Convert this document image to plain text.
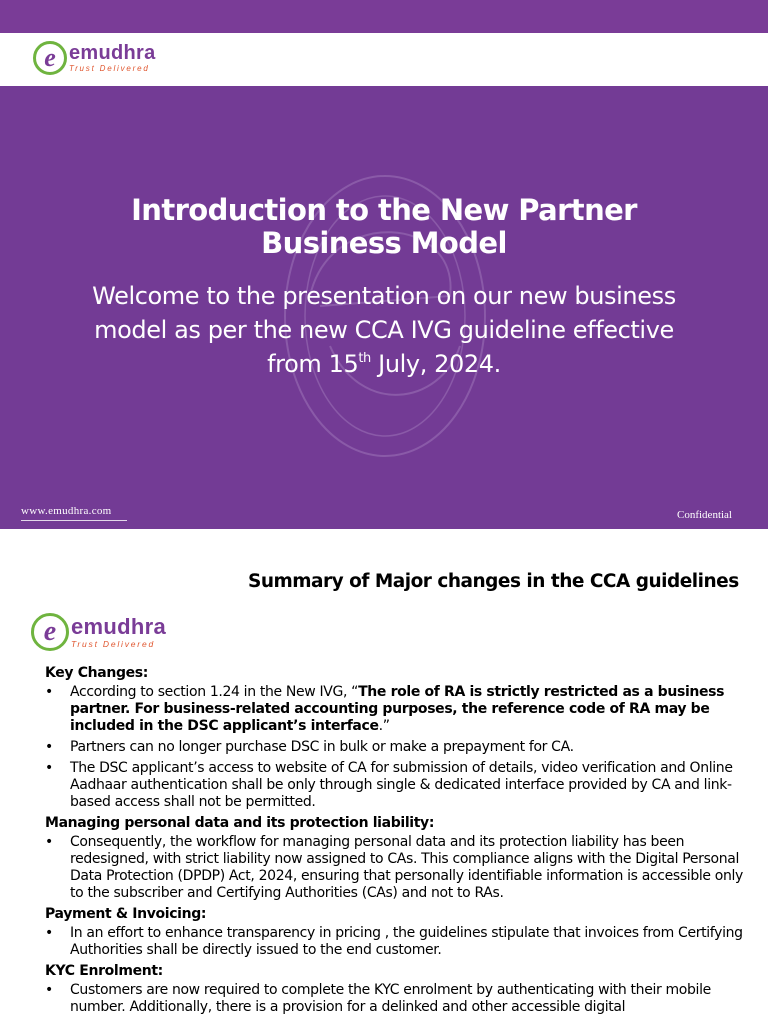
e emudhra
Trust Delivered
Introduction to the New Partner Business Model
Welcome to the presentation on our new business model as per the new CCA IVG guideline effective from 15th July, 2024.
www.emudhra.com	Confidential
Summary of Major changes in the CCA guidelines
e emudhra
Trust Delivered
Key Changes:
• According to section 1.24 in the New IVG, “The role of RA is strictly restricted as a business partner. For business-related accounting purposes, the reference code of RA may be included in the DSC applicant’s interface.”
• Partners can no longer purchase DSC in bulk or make a prepayment for CA.
• The DSC applicant’s access to website of CA for submission of details, video verification and Online Aadhaar authentication shall be only through single & dedicated interface provided by CA and link-based access shall not be permitted.
Managing personal data and its protection liability:
• Consequently, the workflow for managing personal data and its protection liability has been redesigned, with strict liability now assigned to CAs. This compliance aligns with the Digital Personal Data Protection (DPDP) Act, 2024, ensuring that personally identifiable information is accessible only to the subscriber and Certifying Authorities (CAs) and not to RAs.
Payment & Invoicing:
• In an effort to enhance transparency in pricing , the guidelines stipulate that invoices from Certifying Authorities shall be directly issued to the end customer.
KYC Enrolment:
• Customers are now required to complete the KYC enrolment by authenticating with their mobile number. Additionally, there is a provision for a delinked and other accessible digital
